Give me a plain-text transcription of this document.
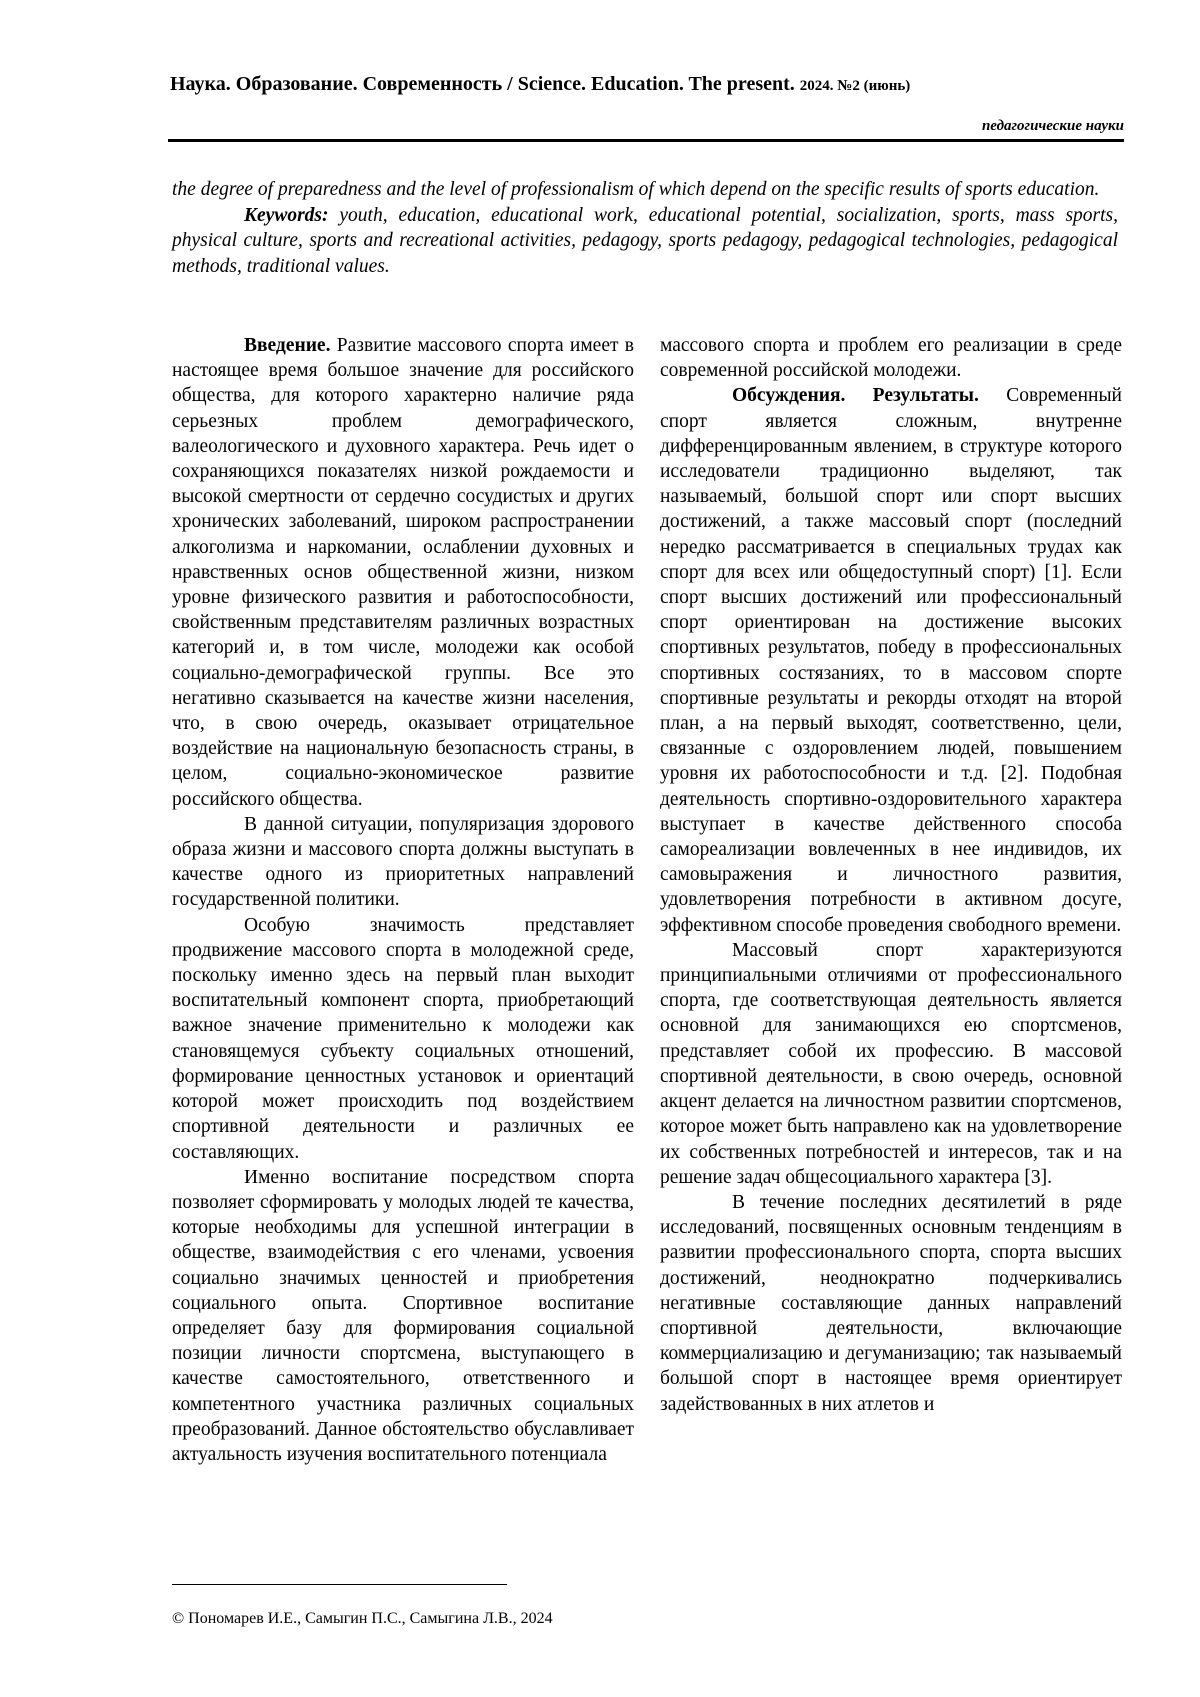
Наука. Образование. Современность / Science. Education. The present. 2024. №2 (июнь)
педагогические науки

the degree of preparedness and the level of professionalism of which depend on the specific results of sports education.

Keywords: youth, education, educational work, educational potential, socialization, sports, mass sports, physical culture, sports and recreational activities, pedagogy, sports pedagogy, pedagogical technologies, pedagogical methods, traditional values.

Введение. Развитие массового спорта имеет в настоящее время большое значение для российского общества, для которого характерно наличие ряда серьезных проблем демографического, валеологического и духовного характера. Речь идет о сохраняющихся показателях низкой рождаемости и высокой смертности от сердечно сосудистых и других хронических заболеваний, широком распространении алкоголизма и наркомании, ослаблении духовных и нравственных основ общественной жизни, низком уровне физического развития и работоспособности, свойственным представителям различных возрастных категорий и, в том числе, молодежи как особой социально-демографической группы. Все это негативно сказывается на качестве жизни населения, что, в свою очередь, оказывает отрицательное воздействие на национальную безопасность страны, в целом, социально-экономическое развитие российского общества.

В данной ситуации, популяризация здорового образа жизни и массового спорта должны выступать в качестве одного из приоритетных направлений государственной политики.

Особую значимость представляет продвижение массового спорта в молодежной среде, поскольку именно здесь на первый план выходит воспитательный компонент спорта, приобретающий важное значение применительно к молодежи как становящемуся субъекту социальных отношений, формирование ценностных установок и ориентаций которой может происходить под воздействием спортивной деятельности и различных ее составляющих.

Именно воспитание посредством спорта позволяет сформировать у молодых людей те качества, которые необходимы для успешной интеграции в обществе, взаимодействия с его членами, усвоения социально значимых ценностей и приобретения социального опыта. Спортивное воспитание определяет базу для формирования социальной позиции личности спортсмена, выступающего в качестве самостоятельного, ответственного и компетентного участника различных социальных преобразований. Данное обстоятельство обуславливает актуальность изучения воспитательного потенциала

массового спорта и проблем его реализации в среде современной российской молодежи.

Обсуждения. Результаты. Современный спорт является сложным, внутренне дифференцированным явлением, в структуре которого исследователи традиционно выделяют, так называемый, большой спорт или спорт высших достижений, а также массовый спорт (последний нередко рассматривается в специальных трудах как спорт для всех или общедоступный спорт) [1]. Если спорт высших достижений или профессиональный спорт ориентирован на достижение высоких спортивных результатов, победу в профессиональных спортивных состязаниях, то в массовом спорте спортивные результаты и рекорды отходят на второй план, а на первый выходят, соответственно, цели, связанные с оздоровлением людей, повышением уровня их работоспособности и т.д. [2]. Подобная деятельность спортивно-оздоровительного характера выступает в качестве действенного способа самореализации вовлеченных в нее индивидов, их самовыражения и личностного развития, удовлетворения потребности в активном досуге, эффективном способе проведения свободного времени.

Массовый спорт характеризуются принципиальными отличиями от профессионального спорта, где соответствующая деятельность является основной для занимающихся ею спортсменов, представляет собой их профессию. В массовой спортивной деятельности, в свою очередь, основной акцент делается на личностном развитии спортсменов, которое может быть направлено как на удовлетворение их собственных потребностей и интересов, так и на решение задач общесоциального характера [3].

В течение последних десятилетий в ряде исследований, посвященных основным тенденциям в развитии профессионального спорта, спорта высших достижений, неоднократно подчеркивались негативные составляющие данных направлений спортивной деятельности, включающие коммерциализацию и дегуманизацию; так называемый большой спорт в настоящее время ориентирует задействованных в них атлетов и

© Пономарев И.Е., Самыгин П.С., Самыгина Л.В., 2024
